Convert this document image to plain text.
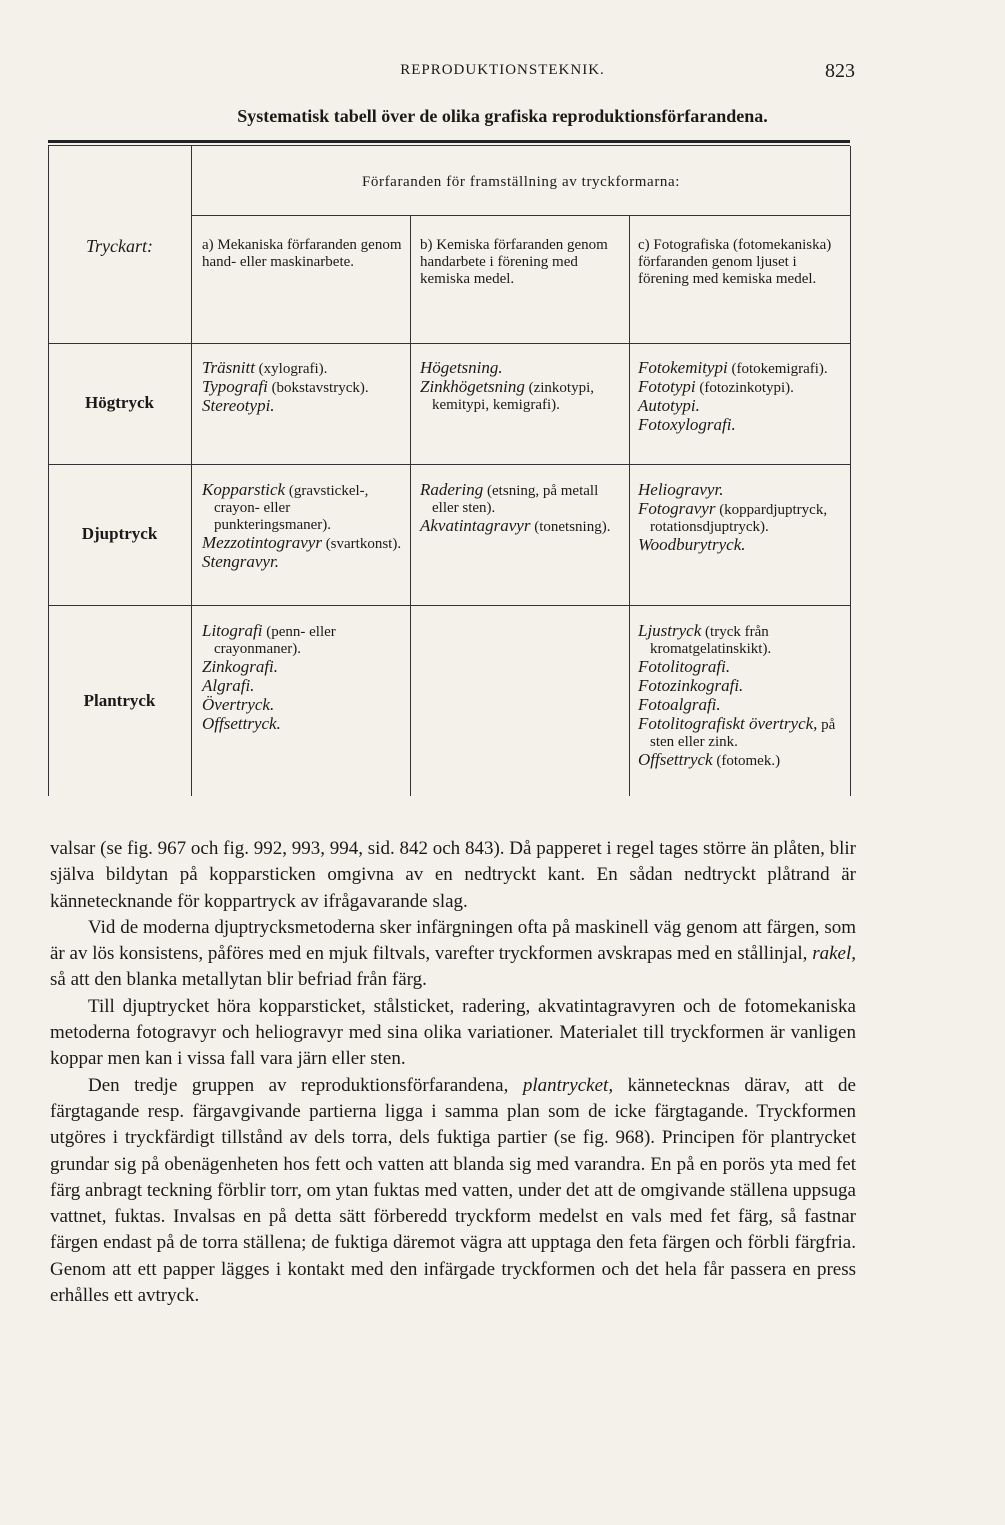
REPRODUKTIONSTEKNIK.	823
Systematisk tabell över de olika grafiska reproduktionsförfarandena.
Förfaranden för framställning av tryckformarna:
Tryckart:	a) Mekaniska förfaranden genom hand- eller maskinarbete.
b) Kemiska förfaranden genom handarbete i förening med kemiska medel.
c) Fotografiska (fotomekaniska) förfaranden genom ljuset i förening med kemiska medel.
Högtryck
Djuptryck
Plantryck
Träsnitt (xylografi).
Typografi (bokstavstryck).
Stereotypi.
Högetsning.
Zinkhögetsning (zinkotypi, kemitypi, kemigrafi).
Fotokemitypi (fotokemigrafi).
Fototypi (fotozinkotypi).
Autotypi.
Fotoxylografi.
Kopparstick (gravstickel-, crayon- eller punkteringsmaner).
Mezzotintogravyr (svartkonst).
Stengravyr.
Radering (etsning, på metall eller sten).
Akvatintagravyr (tonetsning).
Heliogravyr.
Fotogravyr (koppardjuptryck, rotationsdjuptryck).
Woodburytryck.
Litografi (penn- eller crayonmaner).
Zinkografi.
Algrafi.
Övertryck.
Offsettryck.
Ljustryck (tryck från kromatgelatinskikt).
Fotolitografi.
Fotozinkografi.
Fotoalgrafi.
Fotolitografiskt övertryck, på sten eller zink.
Offsettryck (fotomek.)

valsar (se fig. 967 och fig. 992, 993, 994, sid. 842 och 843). Då papperet i regel tages större än plåten, blir själva bildytan på kopparsticken omgivna av en nedtryckt kant. En sådan nedtryckt plåtrand är kännetecknande för koppartryck av ifrågavarande slag.

Vid de moderna djuptrycksmetoderna sker infärgningen ofta på maskinell väg genom att färgen, som är av lös konsistens, påföres med en mjuk filtvals, varefter tryckformen avskrapas med en stållinjal, rakel, så att den blanka metallytan blir befriad från färg.

Till djuptrycket höra kopparsticket, stålsticket, radering, akvatintagravyren och de fotomekaniska metoderna fotogravyr och heliogravyr med sina olika variationer. Materialet till tryckformen är vanligen koppar men kan i vissa fall vara järn eller sten.

Den tredje gruppen av reproduktionsförfarandena, plantrycket, kännetecknas därav, att de färgtagande resp. färgavgivande partierna ligga i samma plan som de icke färgtagande. Tryckformen utgöres i tryckfärdigt tillstånd av dels torra, dels fuktiga partier (se fig. 968). Principen för plantrycket grundar sig på obenägenheten hos fett och vatten att blanda sig med varandra. En på en porös yta med fet färg anbragt teckning förblir torr, om ytan fuktas med vatten, under det att de omgivande ställena uppsuga vattnet, fuktas. Invalsas en på detta sätt förberedd tryckform medelst en vals med fet färg, så fastnar färgen endast på de torra ställena; de fuktiga däremot vägra att upptaga den feta färgen och förbli färgfria. Genom att ett papper lägges i kontakt med den infärgade tryckformen och det hela får passera en press erhålles ett avtryck.
